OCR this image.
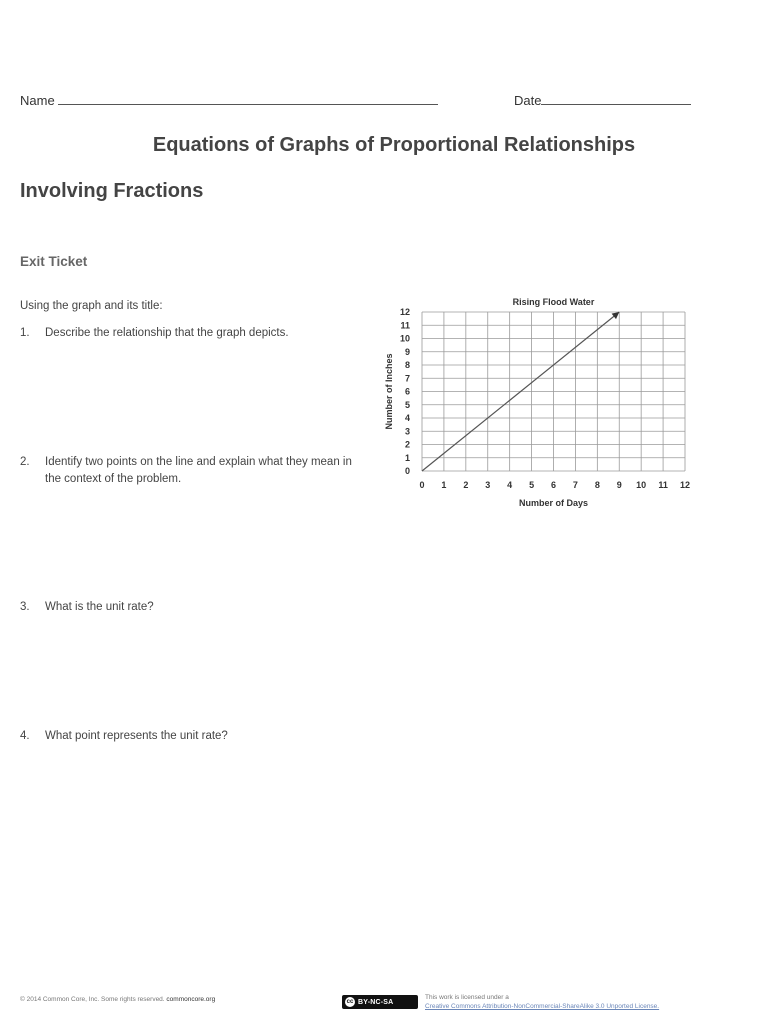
Name	Date
Equations of Graphs of Proportional Relationships
Involving Fractions
Exit Ticket
Using the graph and its title:
1. Describe the relationship that the graph depicts.
2. Identify two points on the line and explain what they mean in the context of the problem.
3. What is the unit rate?
4. What point represents the unit rate?
0 1 2 3 4 5 6 7 8 9 10 11 12
0
1
2
3
4
5
6
7
8
9
10
11
12
Rising Flood Water
Number of Days
Number of Inches
© 2014 Common Core, Inc. Some rights reserved. commoncore.org	cc BY-NC-SA
This work is licensed under a
Creative Commons Attribution-NonCommercial-ShareAlike 3.0 Unported License.
